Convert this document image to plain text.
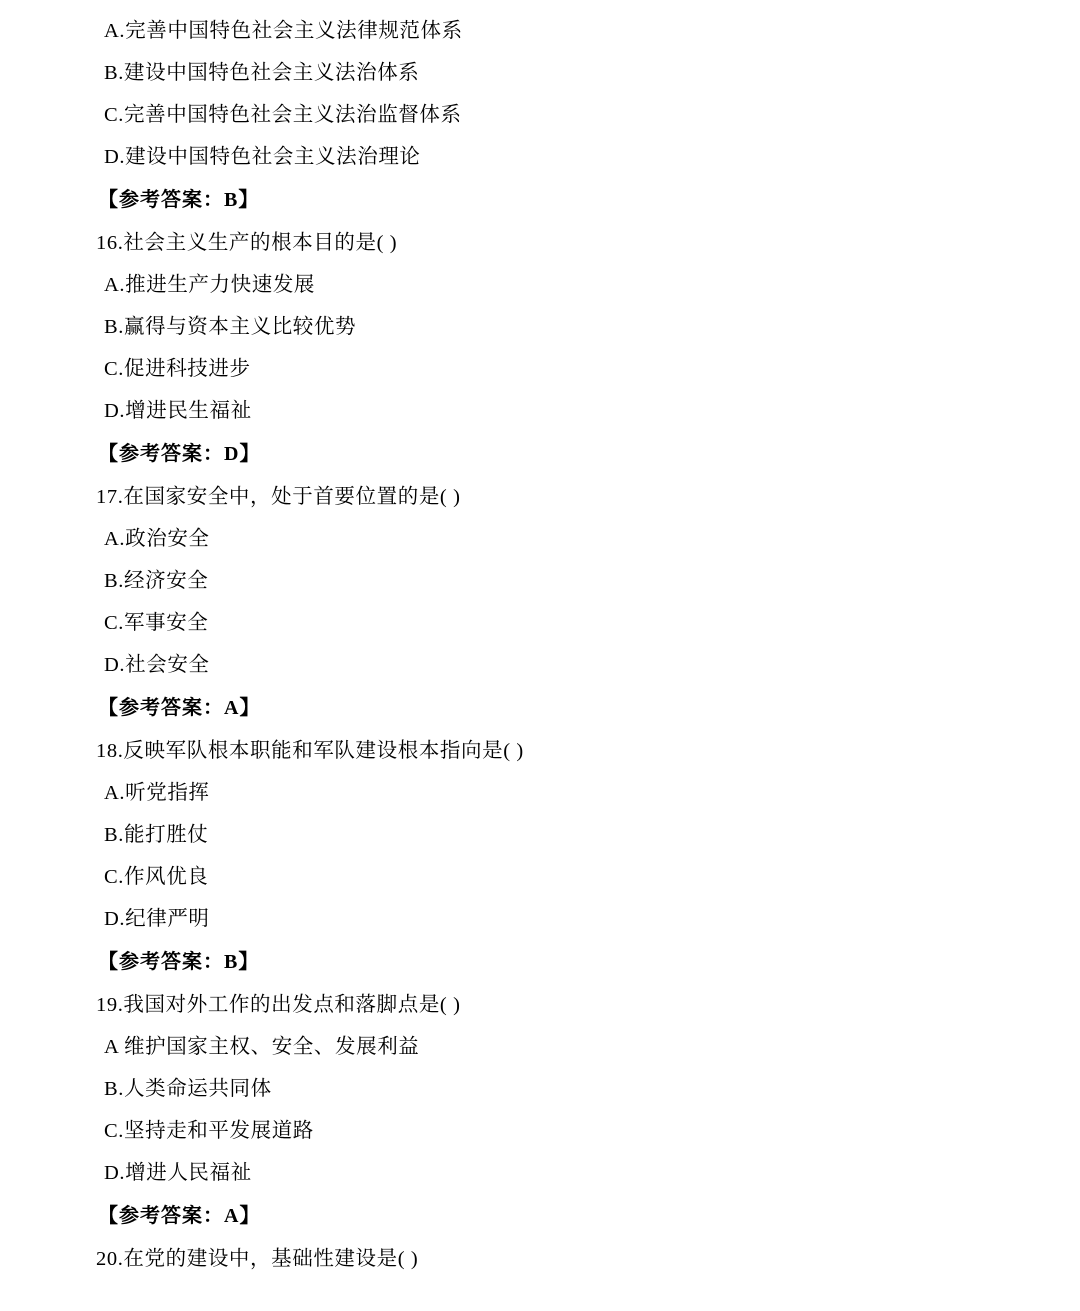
A.完善中国特色社会主义法律规范体系
B.建设中国特色社会主义法治体系
C.完善中国特色社会主义法治监督体系
D.建设中国特色社会主义法治理论
【参考答案：B】
16.社会主义生产的根本目的是( )
A.推进生产力快速发展
B.赢得与资本主义比较优势
C.促进科技进步
D.增进民生福祉
【参考答案：D】
17.在国家安全中，处于首要位置的是( )
A.政治安全
B.经济安全
C.军事安全
D.社会安全
【参考答案：A】
18.反映军队根本职能和军队建设根本指向是( )
A.听党指挥
B.能打胜仗
C.作风优良
D.纪律严明
【参考答案：B】
19.我国对外工作的出发点和落脚点是( )
A 维护国家主权、安全、发展利益
B.人类命运共同体
C.坚持走和平发展道路
D.增进人民福祉
【参考答案：A】
20.在党的建设中，基础性建设是( )
